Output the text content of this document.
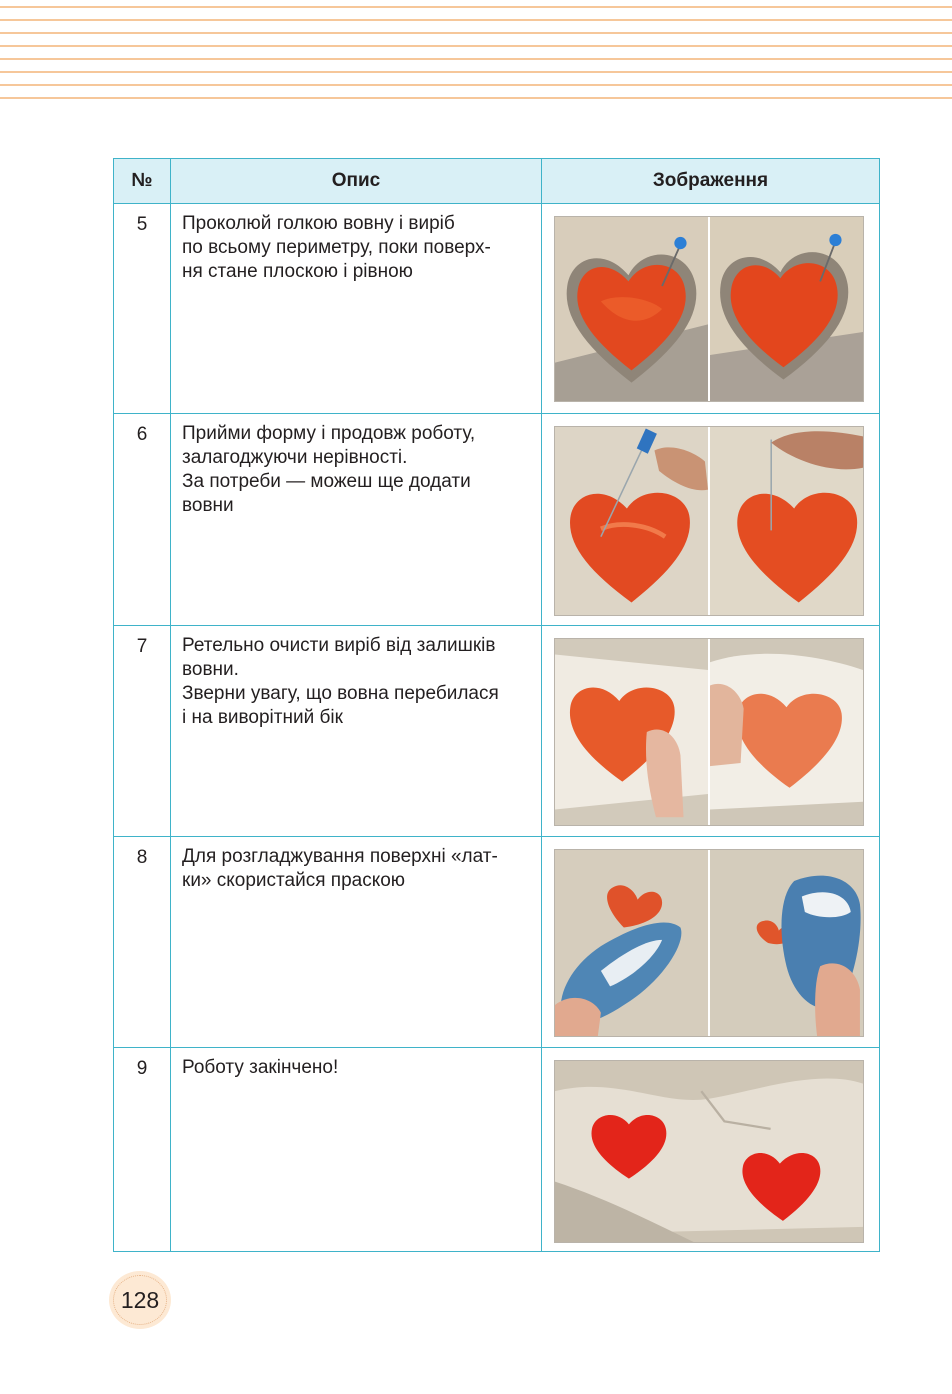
№	Опис	Зображення
5	Проколюй голкою вовну і виріб
по всьому периметру, поки поверх-
ня стане плоскою і рівною

6	Прийми форму і продовж роботу,
залагоджуючи нерівності.
За потреби — можеш ще додати
вовни

7	Ретельно очисти виріб від залишків
вовни.
Зверни увагу, що вовна перебилася
і на виворітний бік

8	Для розгладжування поверхні «лат-
ки» скористайся праскою

9	Роботу закінчено!

128
